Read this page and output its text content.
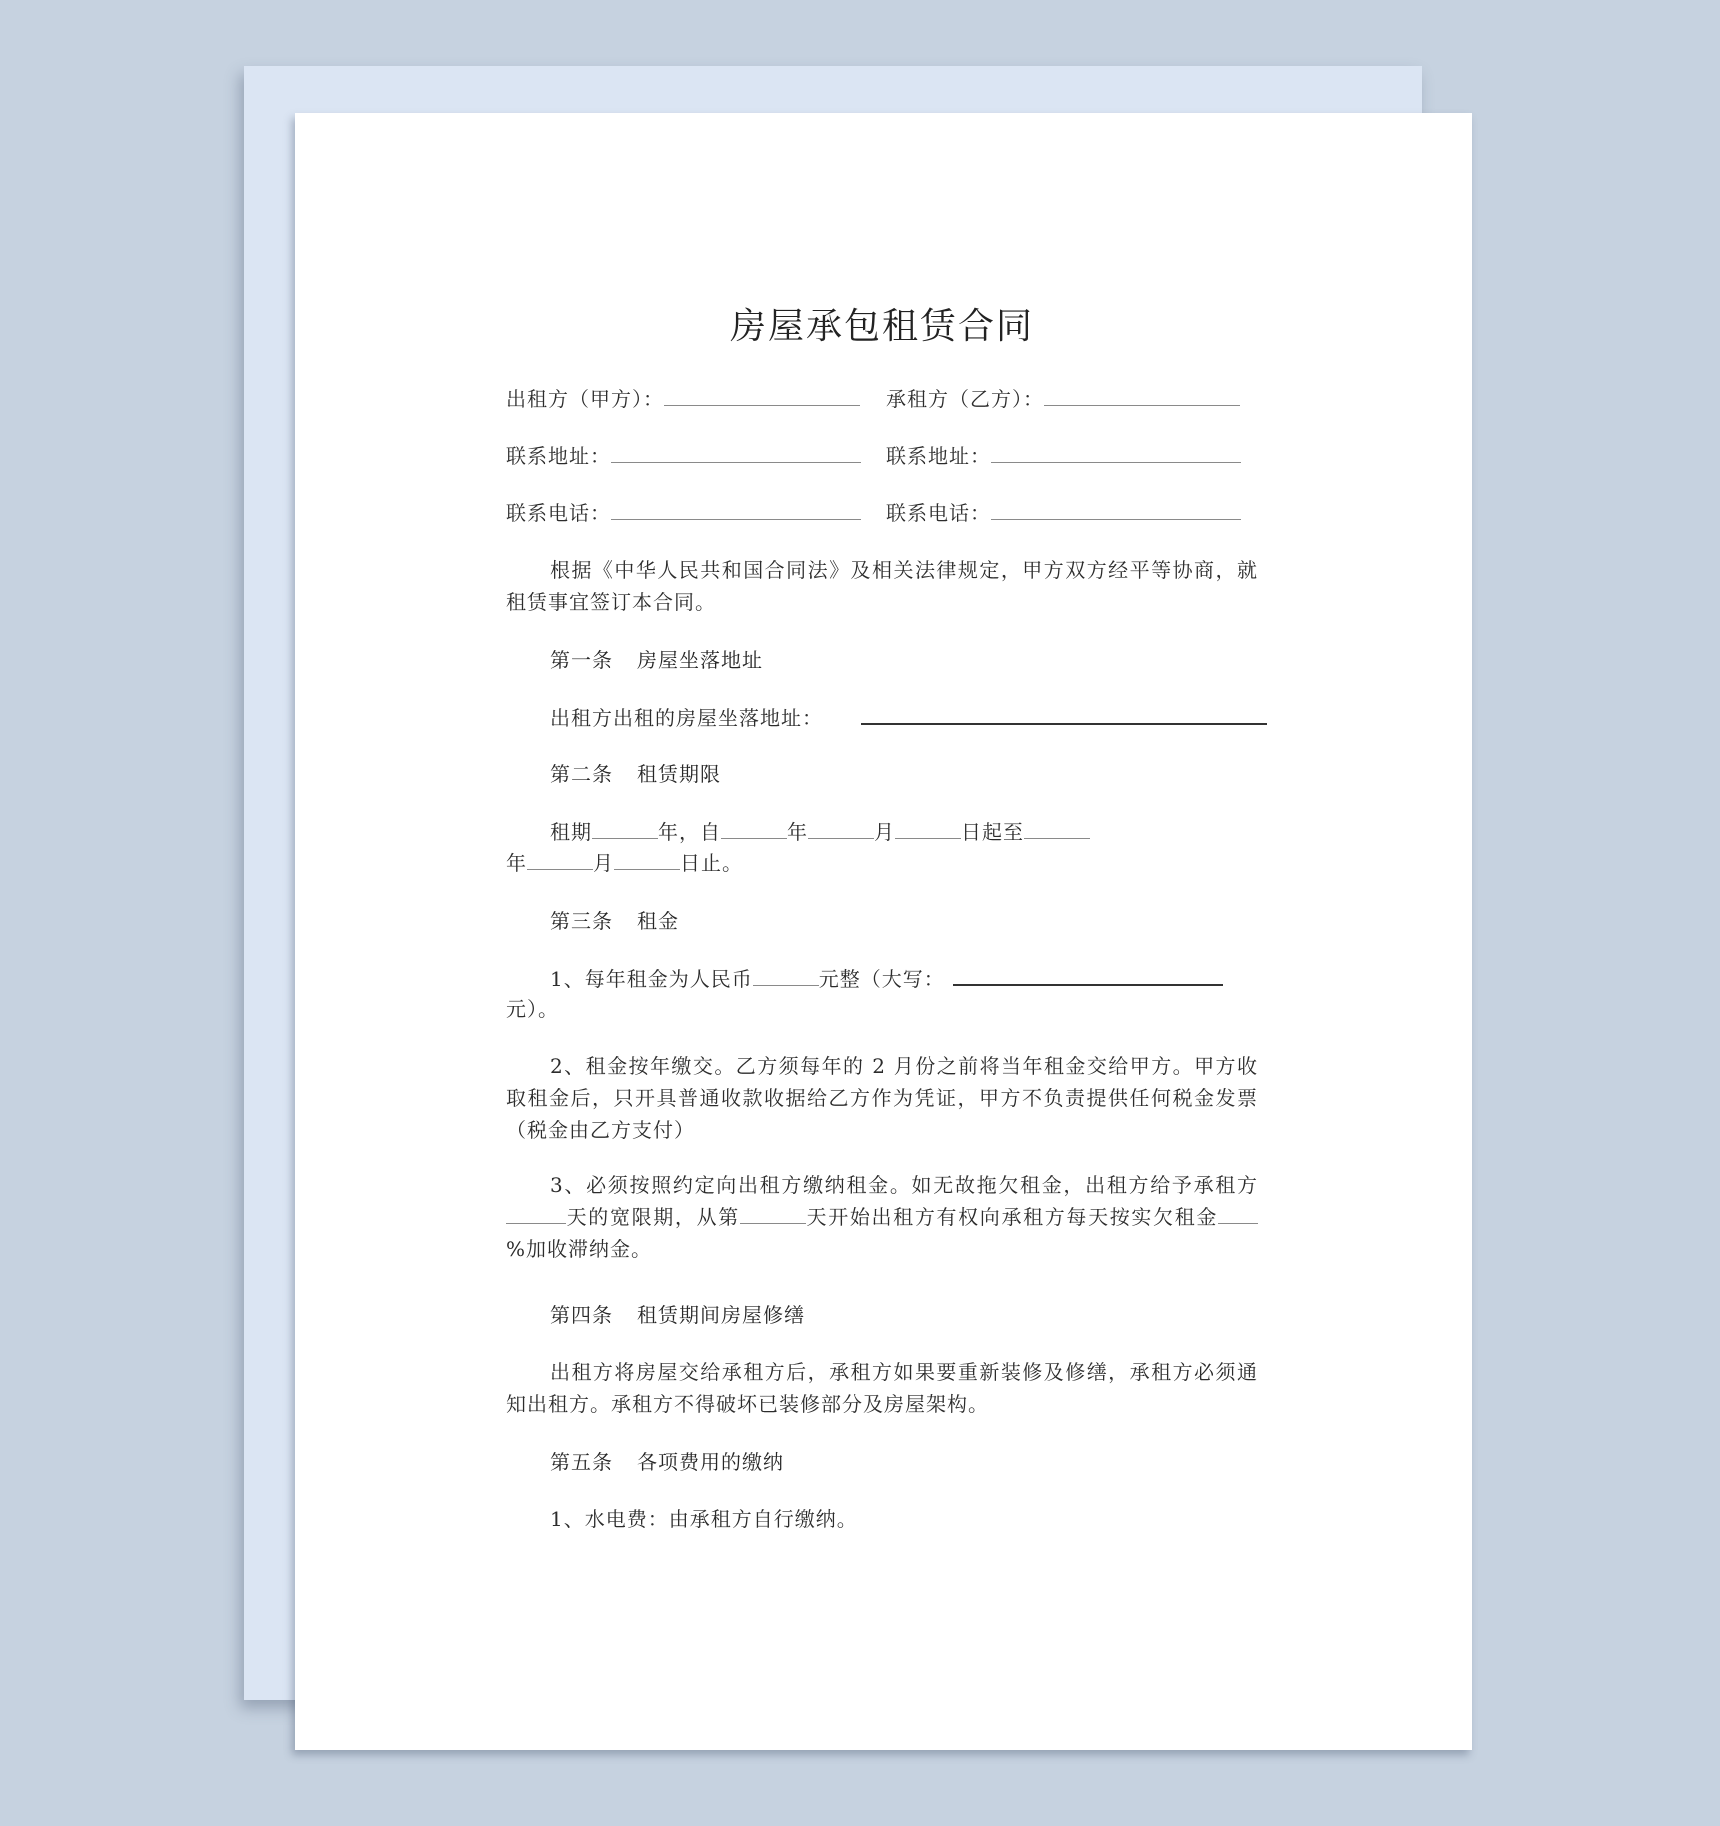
房屋承包租赁合同
出租方（甲方）：	承租方（乙方）：
联系地址：	联系地址：
联系电话：	联系电话：
根据《中华人民共和国合同法》及相关法律规定，甲方双方经平等协商，就租赁事宜签订本合同。
第一条 房屋坐落地址
出租方出租的房屋坐落地址：
第二条 租赁期限
租期	年，自	年	月	日起至
年	月	日止。
第三条 租金
1、每年租金为人民币	元整（大写：
元）。
2、租金按年缴交。乙方须每年的 2 月份之前将当年租金交给甲方。甲方收取租金后，只开具普通收款收据给乙方作为凭证，甲方不负责提供任何税金发票（税金由乙方支付）
3、必须按照约定向出租方缴纳租金。如无故拖欠租金，出租方给予承租方天的宽限期，从第	天开始出租方有权向承租方每天按实欠租金%加收滞纳金。
第四条 租赁期间房屋修缮
出租方将房屋交给承租方后，承租方如果要重新装修及修缮，承租方必须通知出租方。承租方不得破坏已装修部分及房屋架构。
第五条 各项费用的缴纳
1、水电费：由承租方自行缴纳。
